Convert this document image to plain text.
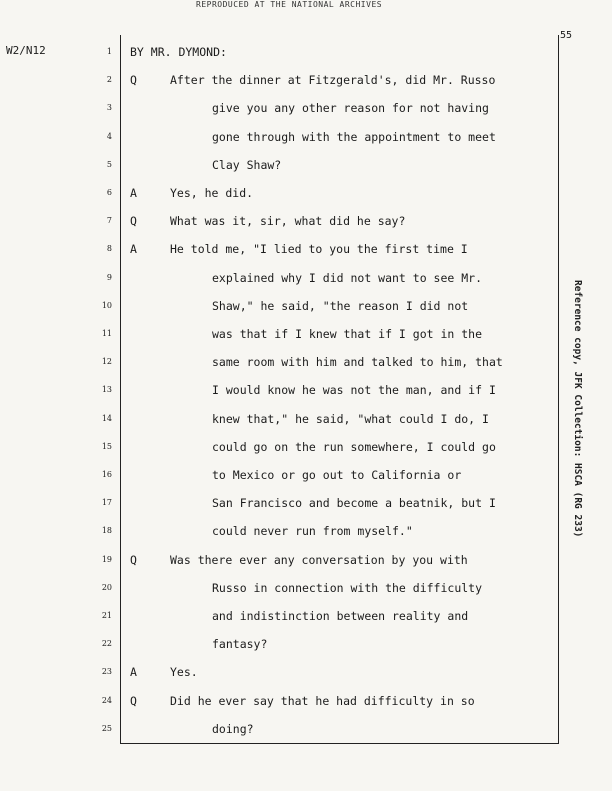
REPRODUCED AT THE NATIONAL ARCHIVES
55
W2/N12
Reference copy, JFK Collection: HSCA (RG 233)
1 BY MR. DYMOND:
2 Q	After the dinner at Fitzgerald's, did Mr. Russo
3	give you any other reason for not having
4	gone through with the appointment to meet
5	Clay Shaw?
6 A	Yes, he did.
7 Q	What was it, sir, what did he say?
8 A	He told me, "I lied to you the first time I
9	explained why I did not want to see Mr.
10	Shaw," he said, "the reason I did not
11	was that if I knew that if I got in the
12	same room with him and talked to him, that
13	I would know he was not the man, and if I
14	knew that," he said, "what could I do, I
15	could go on the run somewhere, I could go
16	to Mexico or go out to California or
17	San Francisco and become a beatnik, but I
18	could never run from myself."
19 Q	Was there ever any conversation by you with
20	Russo in connection with the difficulty
21	and indistinction between reality and
22	fantasy?
23 A	Yes.
24 Q	Did he ever say that he had difficulty in so
25	doing?
